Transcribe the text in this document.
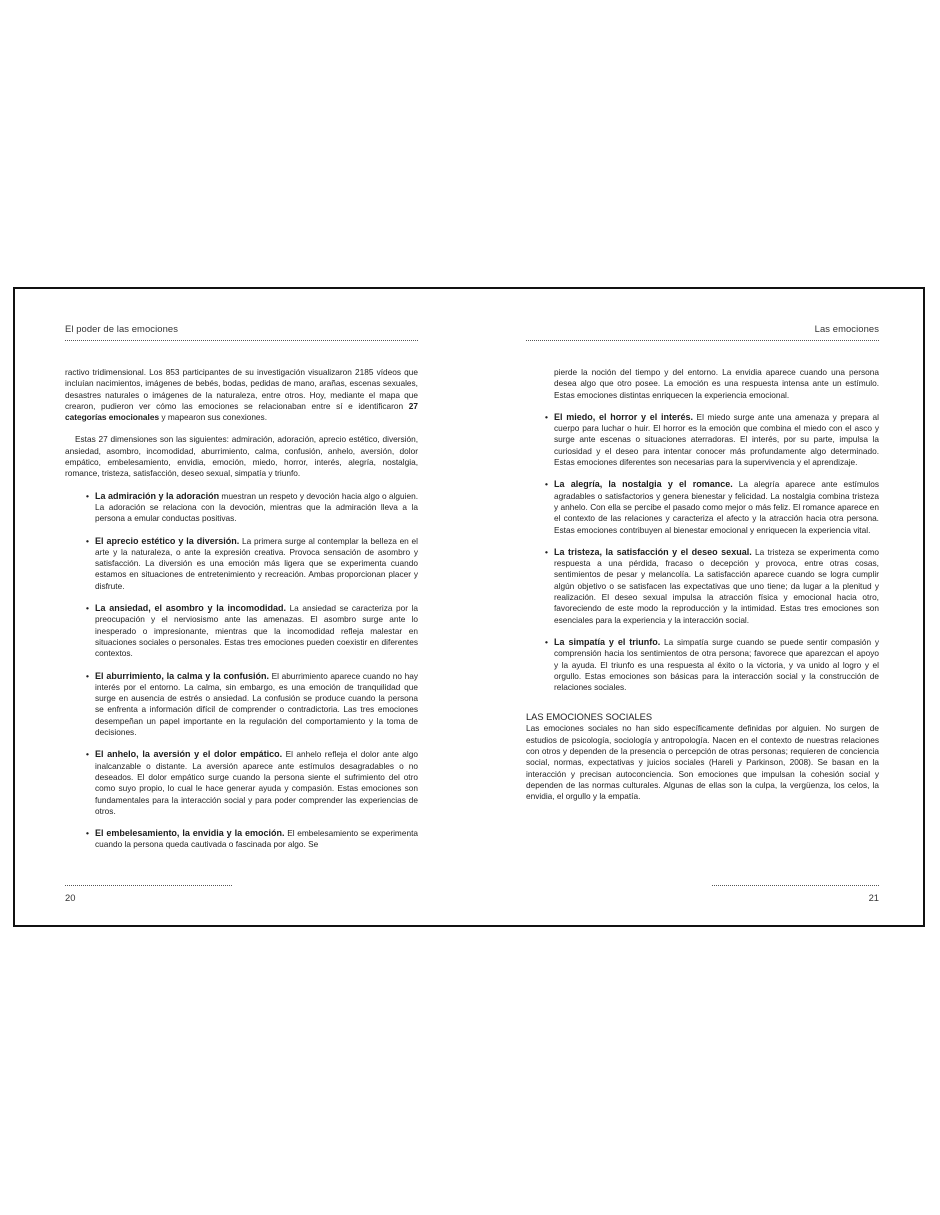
El poder de las emociones

ractivo tridimensional. Los 853 participantes de su investigación visualizaron 2185 vídeos que incluían nacimientos, imágenes de bebés, bodas, pedidas de mano, arañas, escenas sexuales, desastres naturales o imágenes de la naturaleza, entre otros. Hoy, mediante el mapa que crearon, pudieron ver cómo las emociones se relacionaban entre sí e identificaron 27 categorías emocionales y mapearon sus conexiones.

Estas 27 dimensiones son las siguientes: admiración, adoración, aprecio estético, diversión, ansiedad, asombro, incomodidad, aburrimiento, calma, confusión, anhelo, aversión, dolor empático, embelesamiento, envidia, emoción, miedo, horror, interés, alegría, nostalgia, romance, tristeza, satisfacción, deseo sexual, simpatía y triunfo.

• La admiración y la adoración muestran un respeto y devoción hacia algo o alguien. La adoración se relaciona con la devoción, mientras que la admiración lleva a la persona a emular conductas positivas.
• El aprecio estético y la diversión. La primera surge al contemplar la belleza en el arte y la naturaleza, o ante la expresión creativa. Provoca sensación de asombro y satisfacción. La diversión es una emoción más ligera que se experimenta cuando estamos en situaciones de entretenimiento y recreación. Ambas proporcionan placer y disfrute.
• La ansiedad, el asombro y la incomodidad. La ansiedad se caracteriza por la preocupación y el nerviosismo ante las amenazas. El asombro surge ante lo inesperado o impresionante, mientras que la incomodidad refleja malestar en situaciones sociales o personales. Estas tres emociones pueden coexistir en diferentes contextos.
• El aburrimiento, la calma y la confusión. El aburrimiento aparece cuando no hay interés por el entorno. La calma, sin embargo, es una emoción de tranquilidad que surge en ausencia de estrés o ansiedad. La confusión se produce cuando la persona se enfrenta a información difícil de comprender o contradictoria. Las tres emociones desempeñan un papel importante en la regulación del comportamiento y la toma de decisiones.
• El anhelo, la aversión y el dolor empático. El anhelo refleja el dolor ante algo inalcanzable o distante. La aversión aparece ante estímulos desagradables o no deseados. El dolor empático surge cuando la persona siente el sufrimiento del otro como suyo propio, lo cual le hace generar ayuda y compasión. Estas emociones son fundamentales para la interacción social y para poder comprender las experiencias de otros.
• El embelesamiento, la envidia y la emoción. El embelesamiento se experimenta cuando la persona queda cautivada o fascinada por algo. Se
20
Las emociones

pierde la noción del tiempo y del entorno. La envidia aparece cuando una persona desea algo que otro posee. La emoción es una respuesta intensa ante un estímulo. Estas emociones distintas enriquecen la experiencia emocional.

• El miedo, el horror y el interés. El miedo surge ante una amenaza y prepara al cuerpo para luchar o huir. El horror es la emoción que combina el miedo con el asco y surge ante escenas o situaciones aterradoras. El interés, por su parte, impulsa la curiosidad y el deseo para intentar conocer más profundamente algo determinado. Estas emociones diferentes son necesarias para la supervivencia y el aprendizaje.
• La alegría, la nostalgia y el romance. La alegría aparece ante estímulos agradables o satisfactorios y genera bienestar y felicidad. La nostalgia combina tristeza y anhelo. Con ella se percibe el pasado como mejor o más feliz. El romance aparece en el contexto de las relaciones y caracteriza el afecto y la atracción hacia otra persona. Estas emociones contribuyen al bienestar emocional y enriquecen la experiencia vital.
• La tristeza, la satisfacción y el deseo sexual. La tristeza se experimenta como respuesta a una pérdida, fracaso o decepción y provoca, entre otras cosas, sentimientos de pesar y melancolía. La satisfacción aparece cuando se logra cumplir algún objetivo o se satisfacen las expectativas que uno tiene; da lugar a la plenitud y realización. El deseo sexual impulsa la atracción física y emocional hacia otro, favoreciendo de este modo la reproducción y la intimidad. Estas tres emociones son esenciales para la experiencia y la interacción social.
• La simpatía y el triunfo. La simpatía surge cuando se puede sentir compasión y comprensión hacia los sentimientos de otra persona; favorece que aparezcan el apoyo y la ayuda. El triunfo es una respuesta al éxito o la victoria, y va unido al logro y el orgullo. Estas emociones son básicas para la interacción social y la construcción de relaciones sociales.
LAS EMOCIONES SOCIALES

Las emociones sociales no han sido específicamente definidas por alguien. No surgen de estudios de psicología, sociología y antropología. Nacen en el contexto de nuestras relaciones con otros y dependen de la presencia o percepción de otras personas; requieren de conciencia social, normas, expectativas y juicios sociales (Hareli y Parkinson, 2008). Se basan en la interacción y precisan autoconciencia. Son emociones que impulsan la cohesión social y dependen de las normas culturales. Algunas de ellas son la culpa, la vergüenza, los celos, la envidia, el orgullo y la empatía.

21
